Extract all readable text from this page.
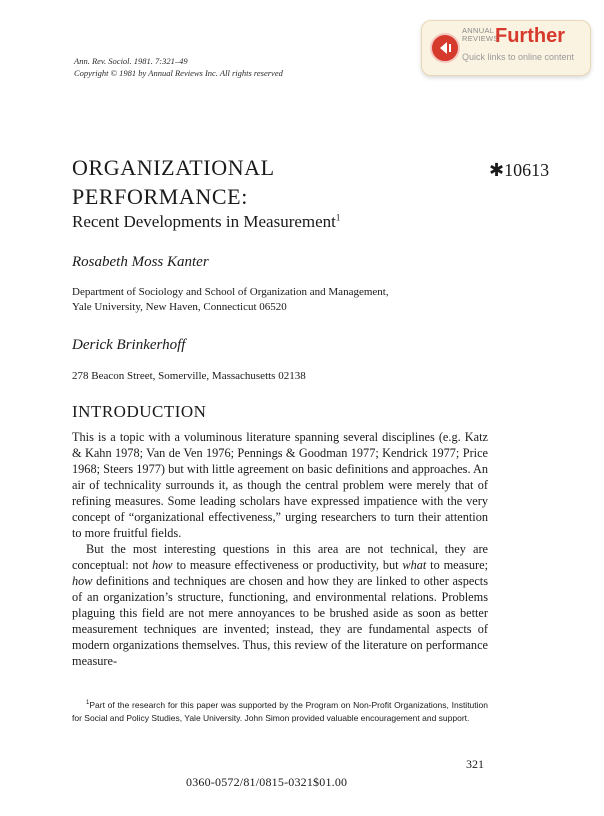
ANNUAL
REVIEWS
Further
Quick links to online content
Ann. Rev. Sociol. 1981. 7:321–49
Copyright © 1981 by Annual Reviews Inc. All rights reserved
ORGANIZATIONAL
PERFORMANCE:
✱10613
Recent Developments in Measurement$^1$
Rosabeth Moss Kanter
Department of Sociology and School of Organization and Management,
Yale University, New Haven, Connecticut 06520
Derick Brinkerhoff
278 Beacon Street, Somerville, Massachusetts 02138
INTRODUCTION

This is a topic with a voluminous literature spanning several disciplines (e.g. Katz & Kahn 1978; Van de Ven 1976; Pennings & Goodman 1977; Kendrick 1977; Price 1968; Steers 1977) but with little agreement on basic definitions and approaches. An air of technicality surrounds it, as though the central problem were merely that of refining measures. Some leading scholars have expressed impatience with the very concept of “organizational effectiveness,” urging researchers to turn their attention to more fruitful fields.

But the most interesting questions in this area are not technical, they are conceptual: not how to measure effectiveness or productivity, but what to measure; how definitions and techniques are chosen and how they are linked to other aspects of an organization’s structure, functioning, and environmental relations. Problems plaguing this field are not mere annoyances to be brushed aside as soon as better measurement techniques are invented; instead, they are fundamental aspects of modern organizations themselves. Thus, this review of the literature on performance measure-

$^1$Part of the research for this paper was supported by the Program on Non-Profit Organizations, Institution for Social and Policy Studies, Yale University. John Simon provided valuable encouragement and support.
321
0360-0572/81/0815-0321$01.00
